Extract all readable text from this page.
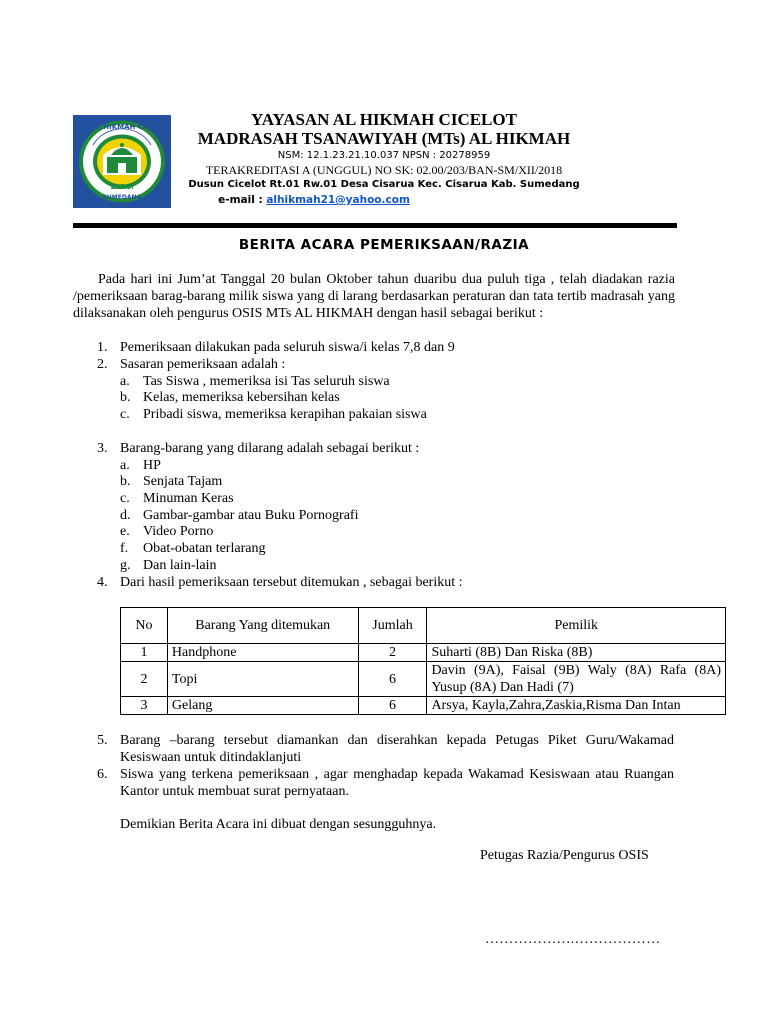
MTs AL HIKMAH CICELOT
SUMEDANG
الحكمة
YAYASAN AL HIKMAH CICELOT
MADRASAH TSANAWIYAH (MTs) AL HIKMAH
NSM: 12.1.23.21.10.037 NPSN : 20278959
TERAKREDITASI A (UNGGUL) NO SK: 02.00/203/BAN-SM/XII/2018
Dusun Cicelot Rt.01 Rw.01 Desa Cisarua Kec. Cisarua Kab. Sumedang
e-mail : alhikmah21@yahoo.com
BERITA ACARA PEMERIKSAAN/RAZIA

Pada hari ini Jum’at Tanggal 20 bulan Oktober tahun duaribu dua puluh tiga , telah diadakan razia /pemeriksaan barag-barang milik siswa yang di larang berdasarkan peraturan dan tata tertib madrasah yang dilaksanakan oleh pengurus OSIS MTs AL HIKMAH dengan hasil sebagai berikut :

1. Pemeriksaan dilakukan pada seluruh siswa/i kelas 7,8 dan 9
2. Sasaran pemeriksaan adalah :
a. Tas Siswa , memeriksa isi Tas seluruh siswa
b. Kelas, memeriksa kebersihan kelas
c. Pribadi siswa, memeriksa kerapihan pakaian siswa
3. Barang-barang yang dilarang adalah sebagai berikut :
a. HP
b. Senjata Tajam
c. Minuman Keras
d. Gambar-gambar atau Buku Pornografi
e. Video Porno
f. Obat-obatan terlarang
g. Dan lain-lain
4. Dari hasil pemeriksaan tersebut ditemukan , sebagai berikut :
No	Barang Yang ditemukan	Jumlah	Pemilik
1	Handphone	2	Suharti (8B) Dan Riska (8B)
2	Topi	6	Davin (9A), Faisal (9B) Waly (8A) Rafa (8A) Yusup (8A) Dan Hadi (7)
3	Gelang	6	Arsya, Kayla,Zahra,Zaskia,Risma Dan Intan
5. Barang –barang tersebut diamankan dan diserahkan kepada Petugas Piket Guru/Wakamad Kesiswaan untuk ditindaklanjuti

6. Siswa yang terkena pemeriksaan , agar menghadap kepada Wakamad Kesiswaan atau Ruangan Kantor untuk membuat surat pernyataan.

Demikian Berita Acara ini dibuat dengan sesungguhnya.
Petugas Razia/Pengurus OSIS
……………….………………
